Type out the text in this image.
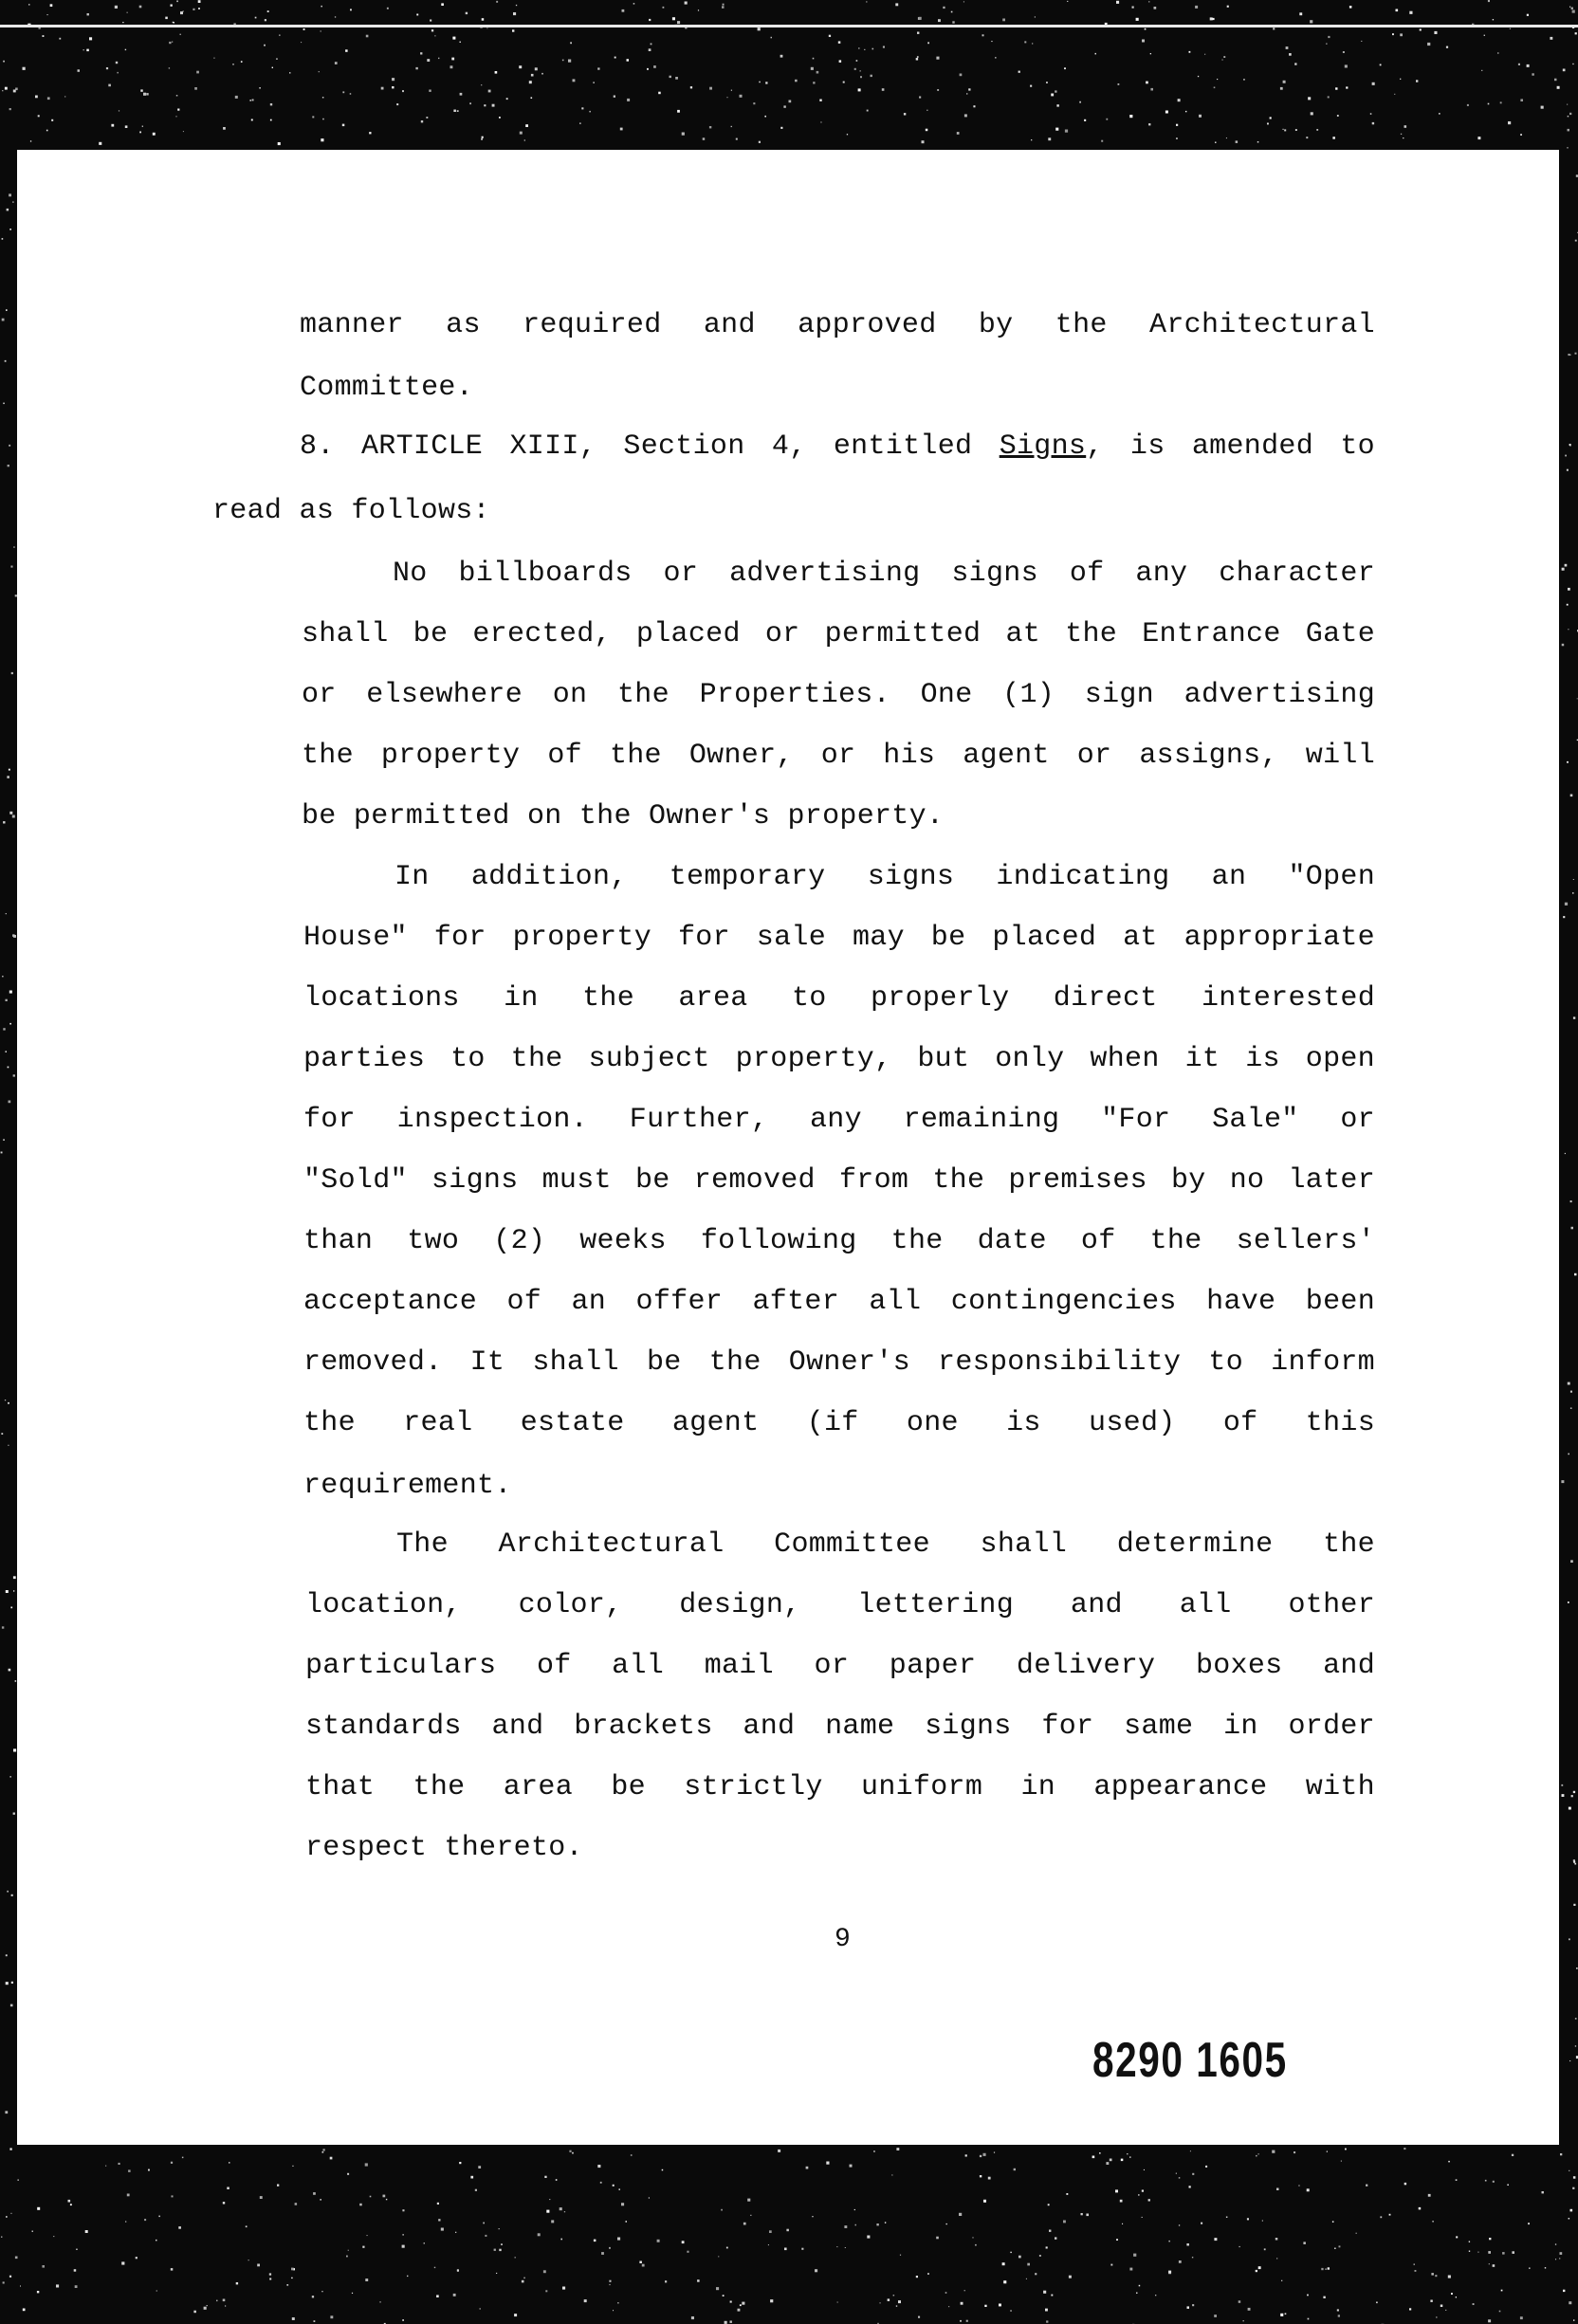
manner as required and approved by the Architectural
Committee.
8. ARTICLE XIII, Section 4, entitled Signs, is amended to
read as follows:
No billboards or advertising signs of any character
shall be erected, placed or permitted at the Entrance Gate
or elsewhere on the Properties. One (1) sign advertising
the property of the Owner, or his agent or assigns, will
be permitted on the Owner's property.
In addition, temporary signs indicating an "Open
House" for property for sale may be placed at appropriate
locations in the area to properly direct interested
parties to the subject property, but only when it is open
for inspection. Further, any remaining "For Sale" or
"Sold" signs must be removed from the premises by no later
than two (2) weeks following the date of the sellers'
acceptance of an offer after all contingencies have been
removed. It shall be the Owner's responsibility to inform
the real estate agent (if one is used) of this
requirement.
The Architectural Committee shall determine the
location, color, design, lettering and all other
particulars of all mail or paper delivery boxes and
standards and brackets and name signs for same in order
that the area be strictly uniform in appearance with
respect thereto.
9
8290 1605
